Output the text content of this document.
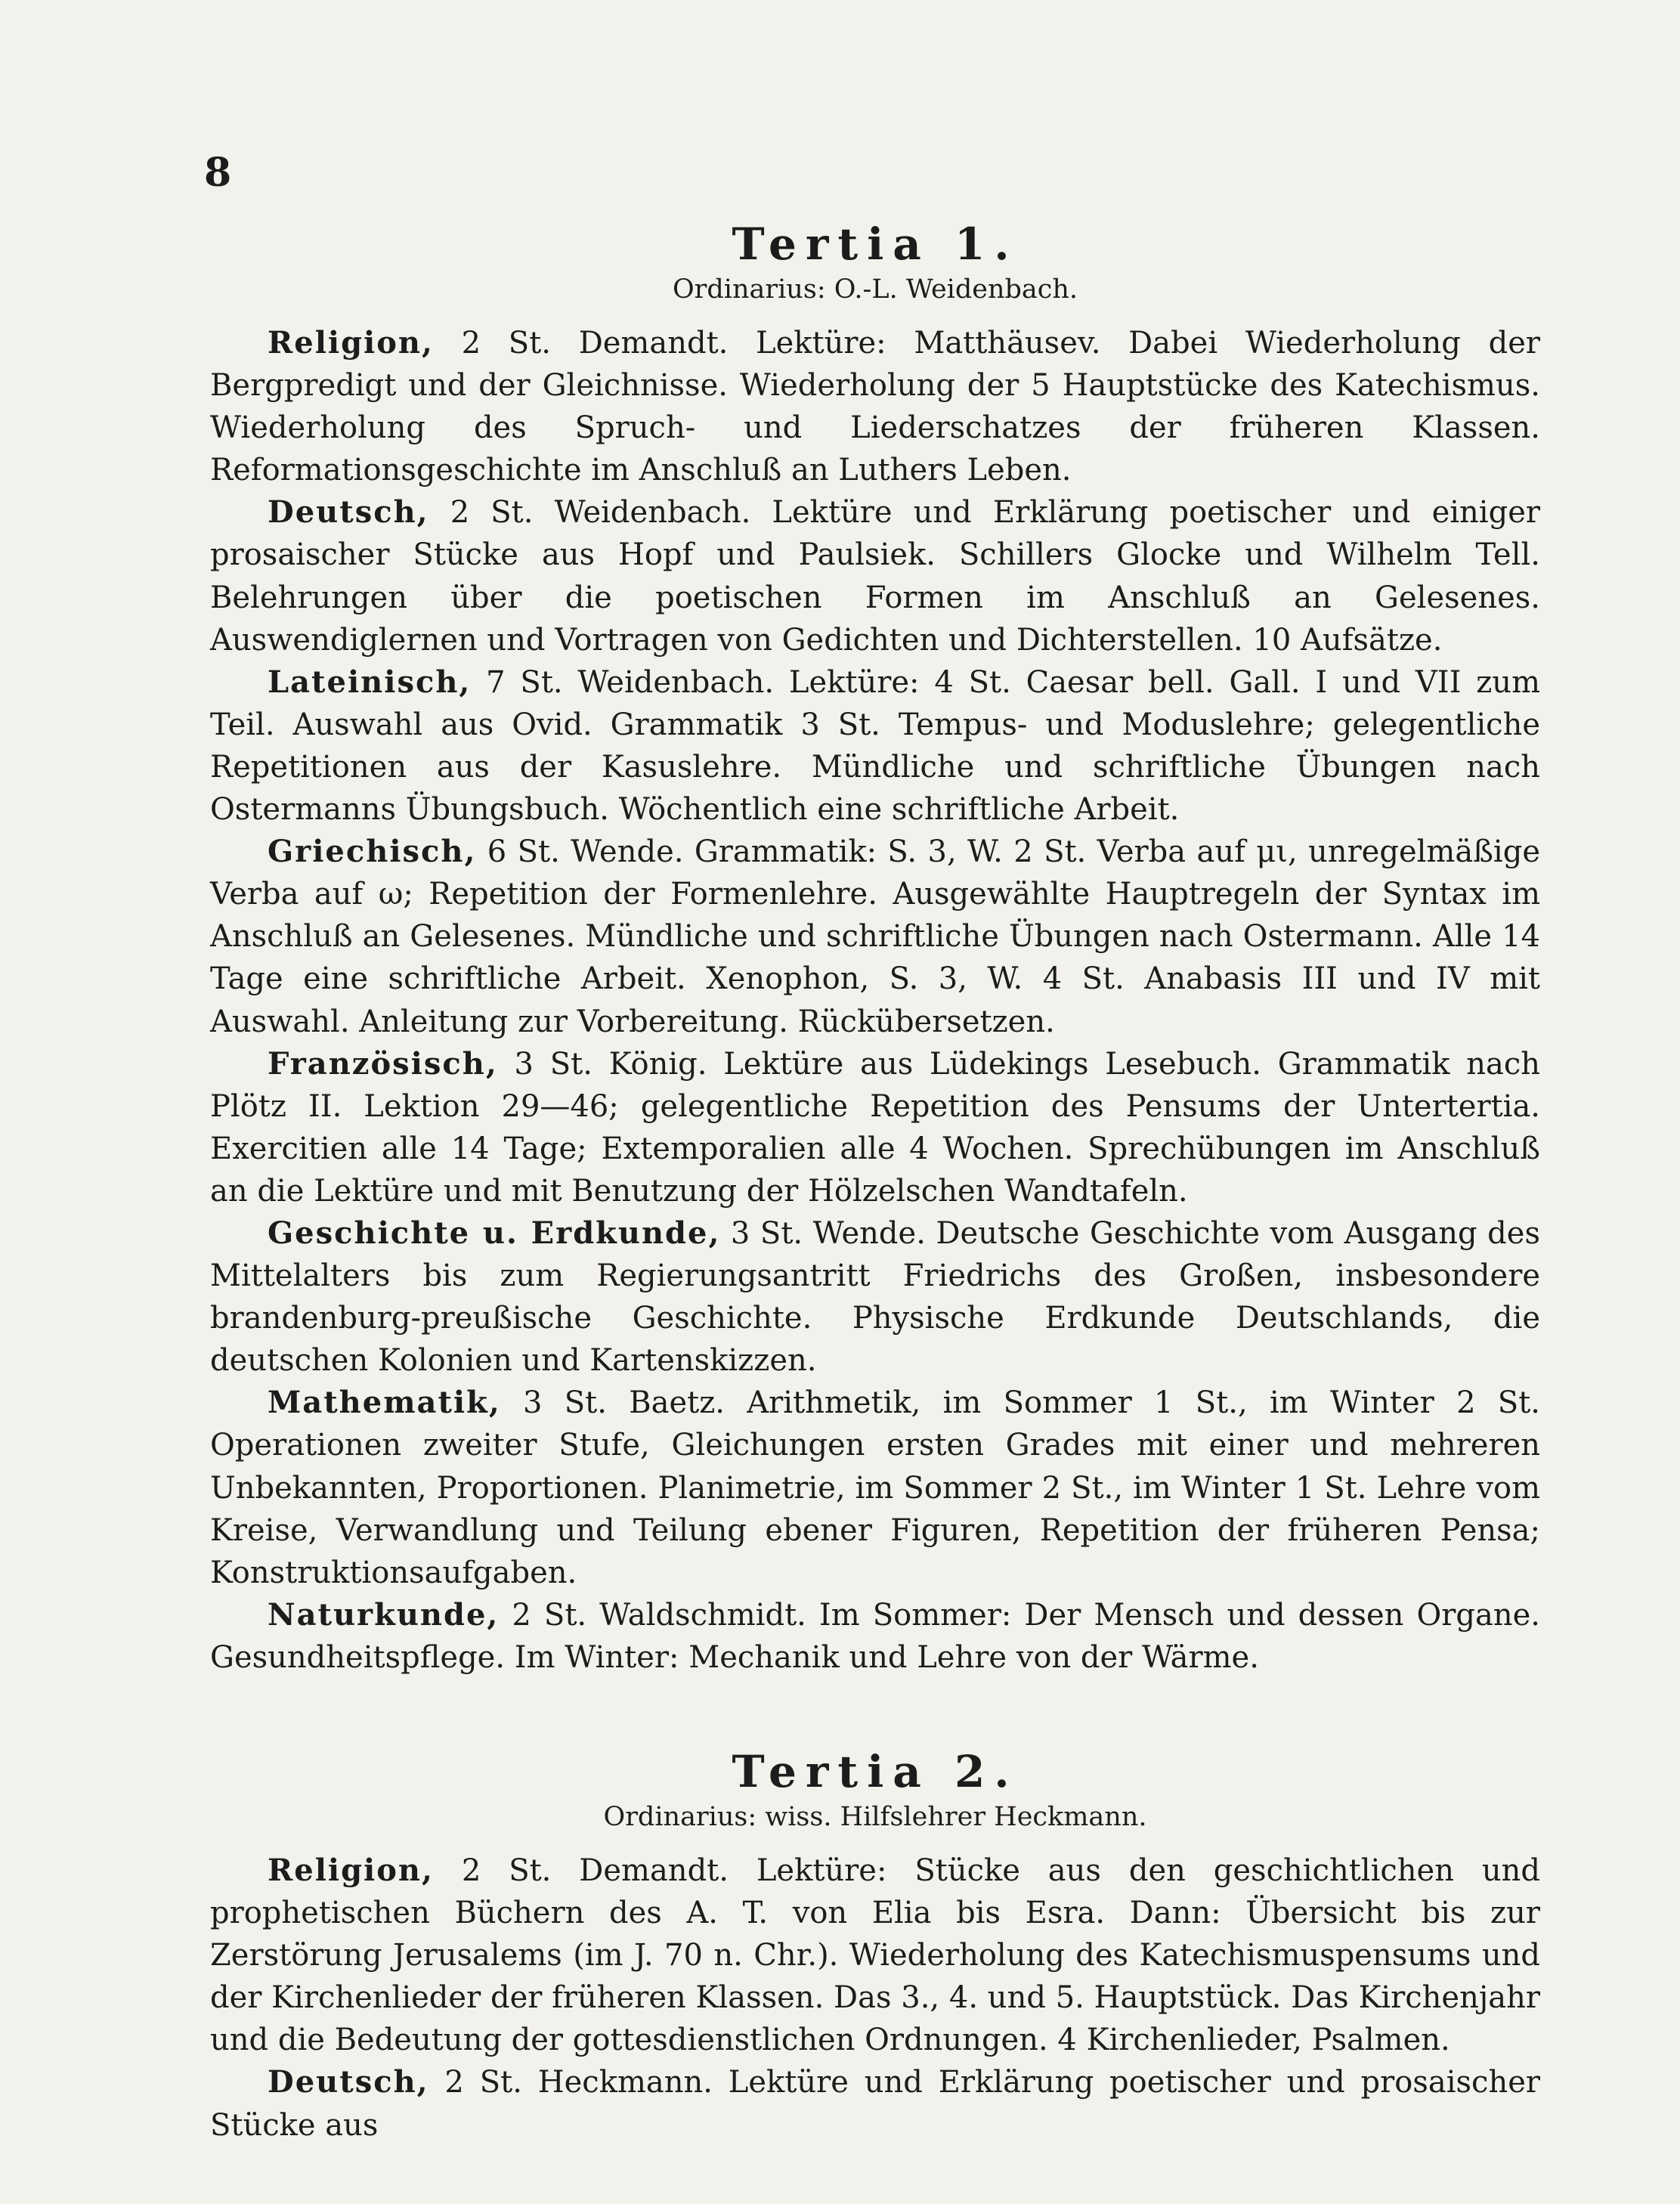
8
Tertia 1.
Ordinarius: O.-L. Weidenbach.

Religion, 2 St. Demandt. Lektüre: Matthäusev. Dabei Wiederholung der Bergpredigt und der Gleichnisse. Wiederholung der 5 Hauptstücke des Katechismus. Wiederholung des Spruch- und Liederschatzes der früheren Klassen. Reformationsgeschichte im Anschluß an Luthers Leben.

Deutsch, 2 St. Weidenbach. Lektüre und Erklärung poetischer und einiger prosaischer Stücke aus Hopf und Paulsiek. Schillers Glocke und Wilhelm Tell. Belehrungen über die poetischen Formen im Anschluß an Gelesenes. Auswendiglernen und Vortragen von Gedichten und Dichterstellen. 10 Aufsätze.

Lateinisch, 7 St. Weidenbach. Lektüre: 4 St. Caesar bell. Gall. I und VII zum Teil. Auswahl aus Ovid. Grammatik 3 St. Tempus- und Moduslehre; gelegentliche Repetitionen aus der Kasuslehre. Mündliche und schriftliche Übungen nach Ostermanns Übungsbuch. Wöchentlich eine schriftliche Arbeit.

Griechisch, 6 St. Wende. Grammatik: S. 3, W. 2 St. Verba auf μι, unregelmäßige Verba auf ω; Repetition der Formenlehre. Ausgewählte Hauptregeln der Syntax im Anschluß an Gelesenes. Mündliche und schriftliche Übungen nach Ostermann. Alle 14 Tage eine schriftliche Arbeit. Xenophon, S. 3, W. 4 St. Anabasis III und IV mit Auswahl. Anleitung zur Vorbereitung. Rückübersetzen.

Französisch, 3 St. König. Lektüre aus Lüdekings Lesebuch. Grammatik nach Plötz II. Lektion 29—46; gelegentliche Repetition des Pensums der Untertertia. Exercitien alle 14 Tage; Extemporalien alle 4 Wochen. Sprechübungen im Anschluß an die Lektüre und mit Benutzung der Hölzelschen Wandtafeln.

Geschichte u. Erdkunde, 3 St. Wende. Deutsche Geschichte vom Ausgang des Mittelalters bis zum Regierungsantritt Friedrichs des Großen, insbesondere brandenburg-preußische Geschichte. Physische Erdkunde Deutschlands, die deutschen Kolonien und Kartenskizzen.

Mathematik, 3 St. Baetz. Arithmetik, im Sommer 1 St., im Winter 2 St. Operationen zweiter Stufe, Gleichungen ersten Grades mit einer und mehreren Unbekannten, Proportionen. Planimetrie, im Sommer 2 St., im Winter 1 St. Lehre vom Kreise, Verwandlung und Teilung ebener Figuren, Repetition der früheren Pensa; Konstruktionsaufgaben.

Naturkunde, 2 St. Waldschmidt. Im Sommer: Der Mensch und dessen Organe. Gesundheitspflege. Im Winter: Mechanik und Lehre von der Wärme.

Tertia 2.
Ordinarius: wiss. Hilfslehrer Heckmann.

Religion, 2 St. Demandt. Lektüre: Stücke aus den geschichtlichen und prophetischen Büchern des A. T. von Elia bis Esra. Dann: Übersicht bis zur Zerstörung Jerusalems (im J. 70 n. Chr.). Wiederholung des Katechismuspensums und der Kirchenlieder der früheren Klassen. Das 3., 4. und 5. Hauptstück. Das Kirchenjahr und die Bedeutung der gottesdienstlichen Ordnungen. 4 Kirchenlieder, Psalmen.

Deutsch, 2 St. Heckmann. Lektüre und Erklärung poetischer und prosaischer Stücke aus
